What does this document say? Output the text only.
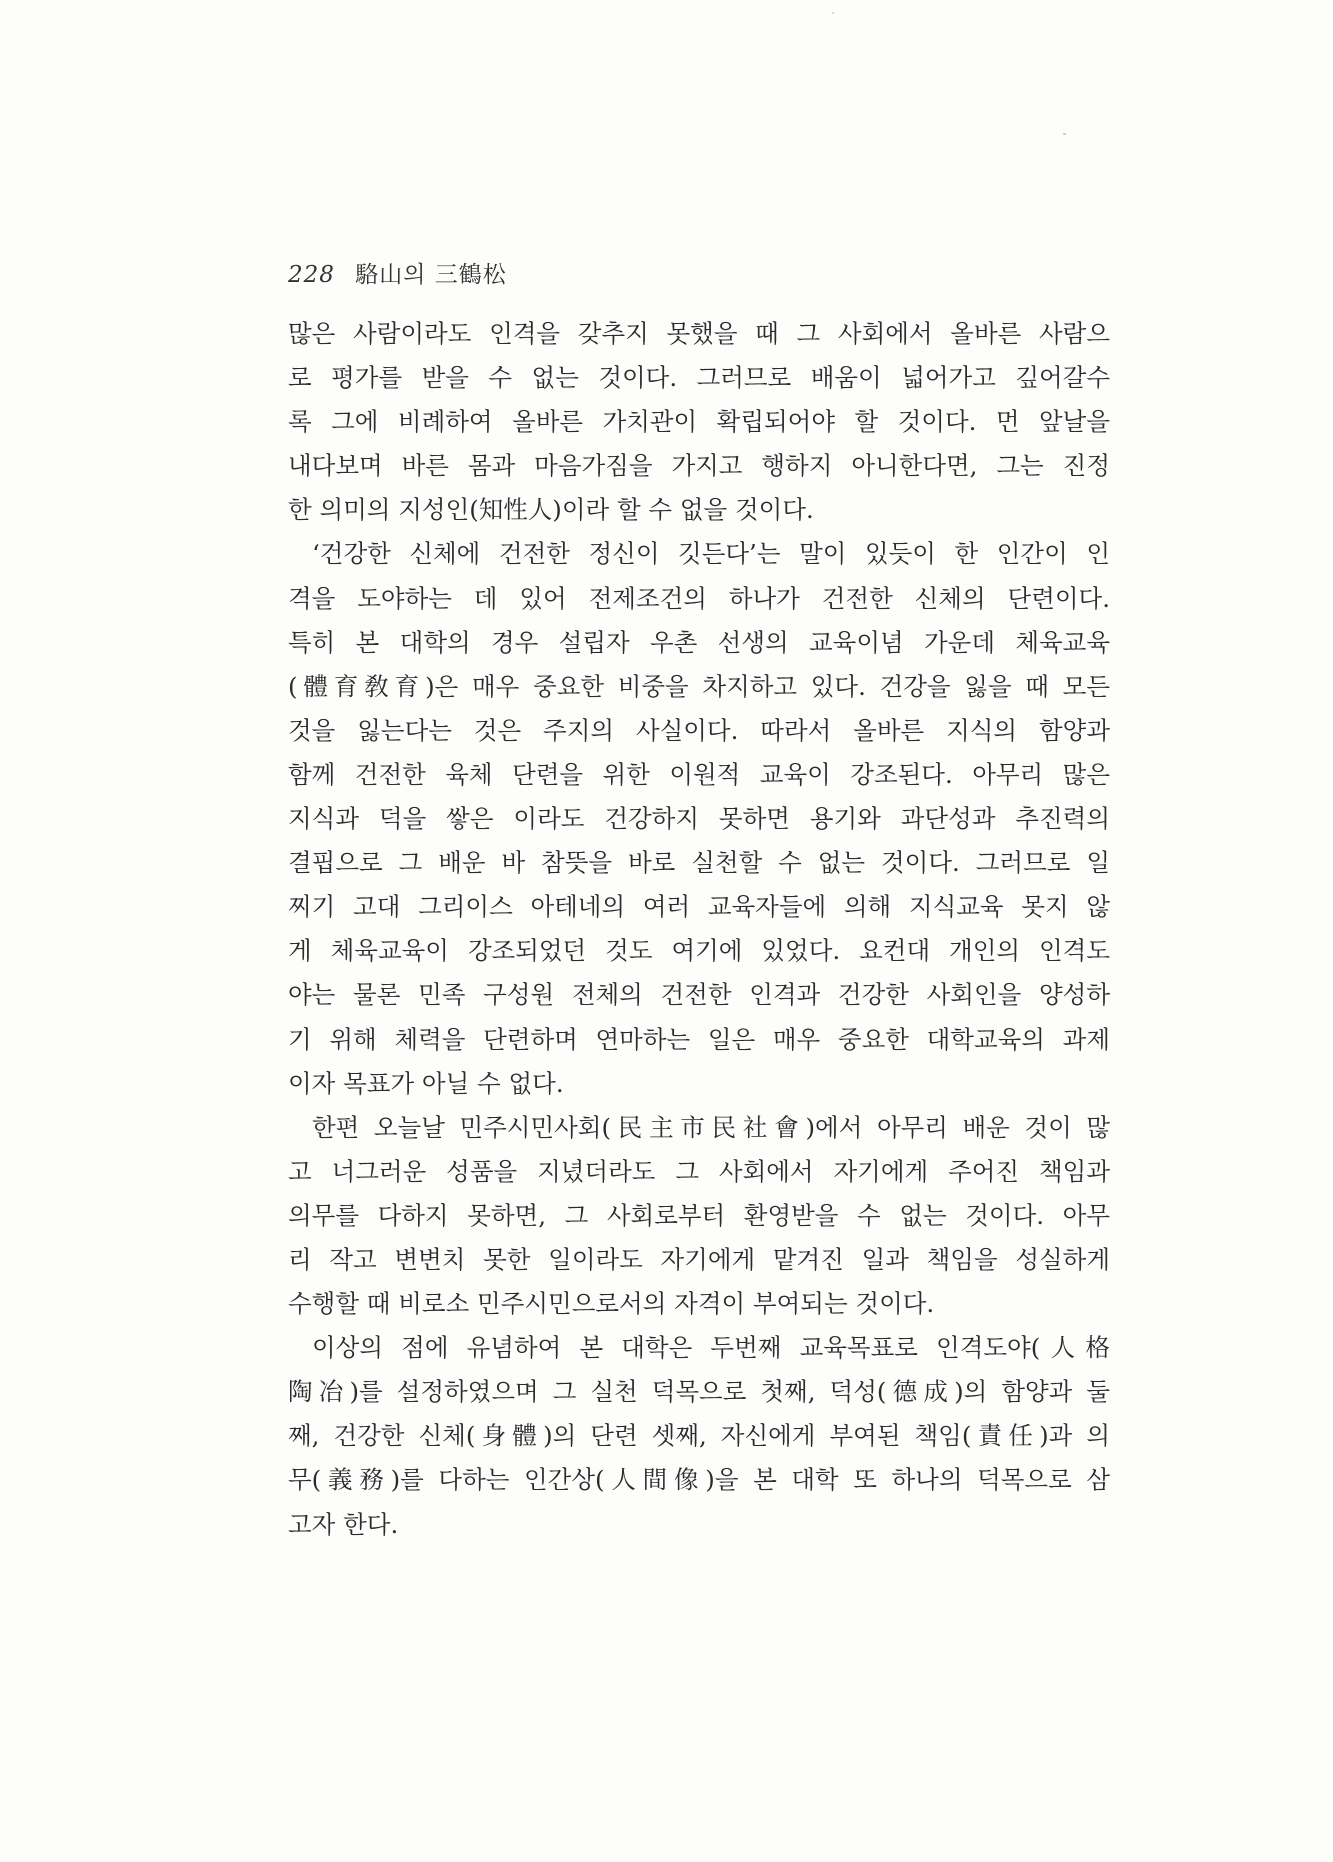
228 駱山의 三鶴松
많은 사람이라도 인격을 갖추지 못했을 때 그 사회에서 올바른 사람으
로 평가를 받을 수 없는 것이다. 그러므로 배움이 넓어가고 깊어갈수
록 그에 비례하여 올바른 가치관이 확립되어야 할 것이다. 먼 앞날을
내다보며 바른 몸과 마음가짐을 가지고 행하지 아니한다면, 그는 진정
한 의미의 지성인(知性人)이라 할 수 없을 것이다.
‘건강한 신체에 건전한 정신이 깃든다’는 말이 있듯이 한 인간이 인
격을 도야하는 데 있어 전제조건의 하나가 건전한 신체의 단련이다.
특히 본 대학의 경우 설립자 우촌 선생의 교육이념 가운데 체육교육
(體育敎育)은 매우 중요한 비중을 차지하고 있다. 건강을 잃을 때 모든
것을 잃는다는 것은 주지의 사실이다. 따라서 올바른 지식의 함양과
함께 건전한 육체 단련을 위한 이원적 교육이 강조된다. 아무리 많은
지식과 덕을 쌓은 이라도 건강하지 못하면 용기와 과단성과 추진력의
결핍으로 그 배운 바 참뜻을 바로 실천할 수 없는 것이다. 그러므로 일
찌기 고대 그리이스 아테네의 여러 교육자들에 의해 지식교육 못지 않
게 체육교육이 강조되었던 것도 여기에 있었다. 요컨대 개인의 인격도
야는 물론 민족 구성원 전체의 건전한 인격과 건강한 사회인을 양성하
기 위해 체력을 단련하며 연마하는 일은 매우 중요한 대학교육의 과제
이자 목표가 아닐 수 없다.
한편 오늘날 민주시민사회(民主市民社會)에서 아무리 배운 것이 많
고 너그러운 성품을 지녔더라도 그 사회에서 자기에게 주어진 책임과
의무를 다하지 못하면, 그 사회로부터 환영받을 수 없는 것이다. 아무
리 작고 변변치 못한 일이라도 자기에게 맡겨진 일과 책임을 성실하게
수행할 때 비로소 민주시민으로서의 자격이 부여되는 것이다.
이상의 점에 유념하여 본 대학은 두번째 교육목표로 인격도야(人格
陶冶)를 설정하였으며 그 실천 덕목으로 첫째, 덕성(德成)의 함양과 둘
째, 건강한 신체(身體)의 단련 셋째, 자신에게 부여된 책임(責任)과 의
무(義務)를 다하는 인간상(人間像)을 본 대학 또 하나의 덕목으로 삼
고자 한다.
